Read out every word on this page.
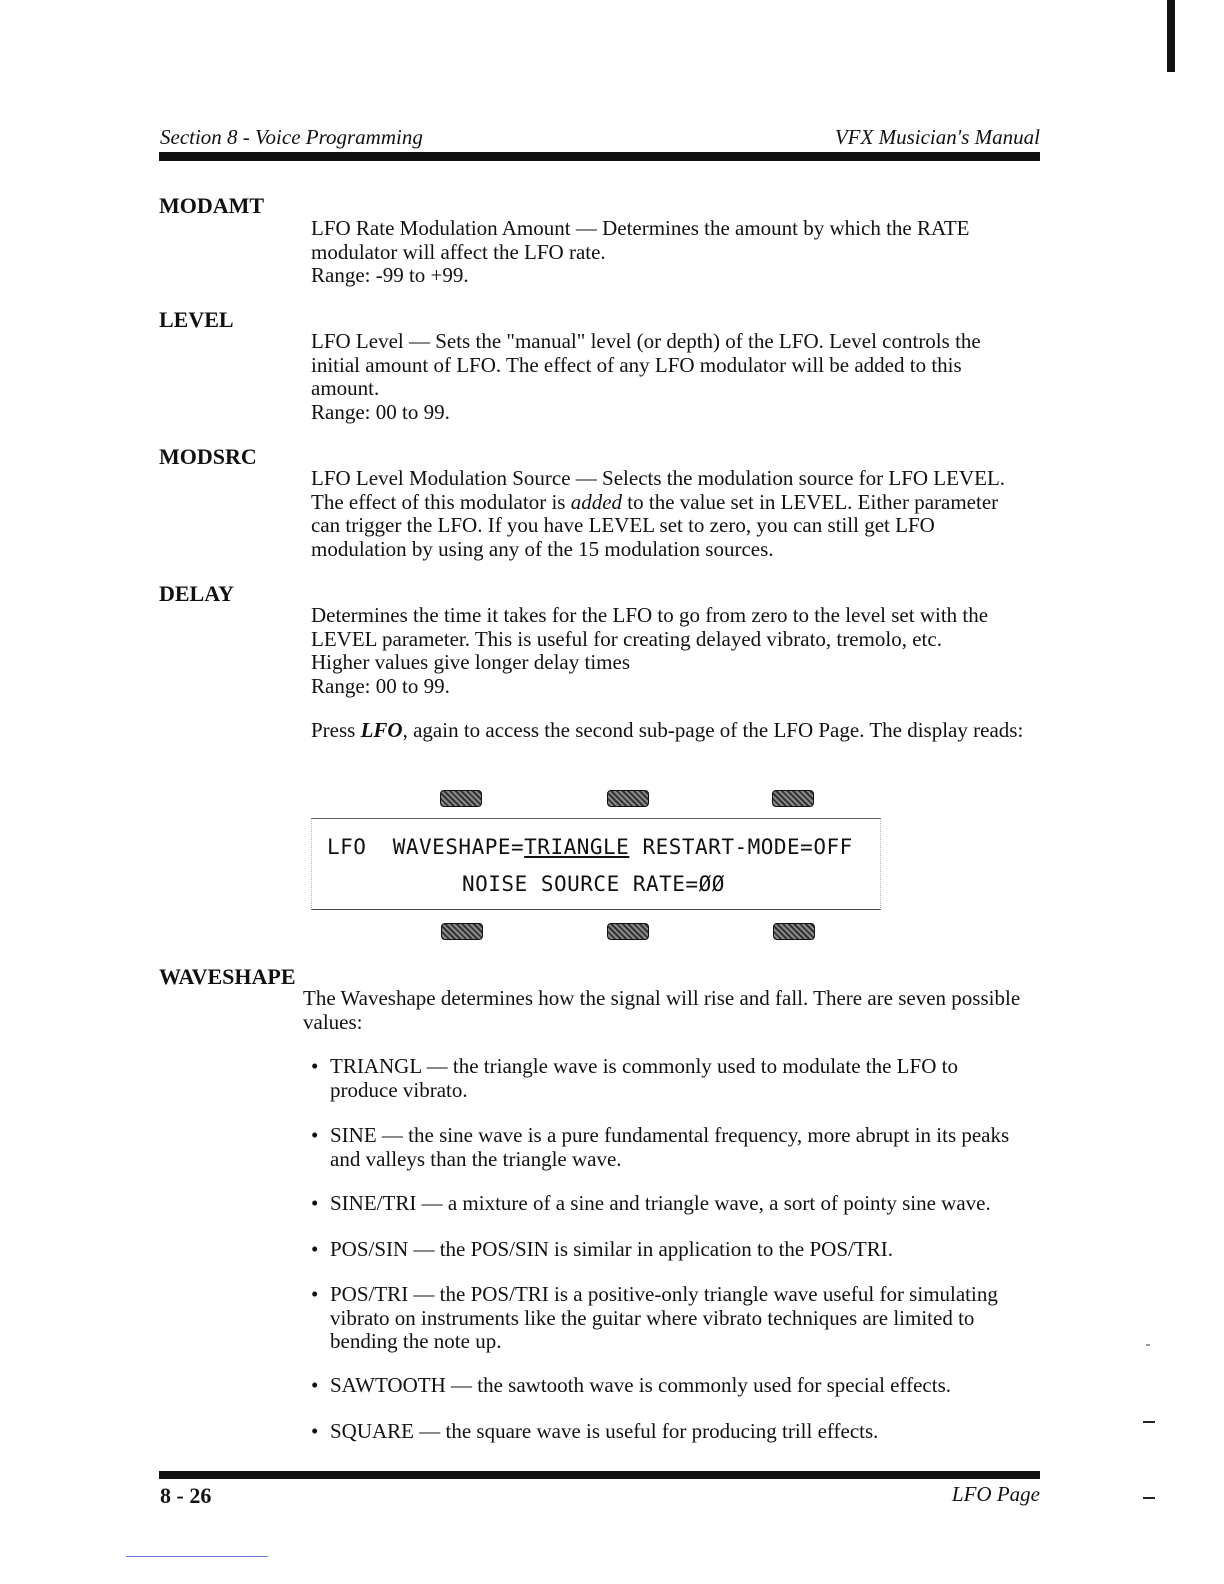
Section 8 - Voice Programming	VFX Musician's Manual
MODAMT

LFO Rate Modulation Amount — Determines the amount by which the RATE modulator will affect the LFO rate.

Range: -99 to +99.

LEVEL

LFO Level — Sets the "manual" level (or depth) of the LFO. Level controls the initial amount of LFO. The effect of any LFO modulator will be added to this amount.

Range: 00 to 99.

MODSRC

LFO Level Modulation Source — Selects the modulation source for LFO LEVEL.

The effect of this modulator is added to the value set in LEVEL. Either parameter can trigger the LFO. If you have LEVEL set to zero, you can still get LFO modulation by using any of the 15 modulation sources.

DELAY

Determines the time it takes for the LFO to go from zero to the level set with the LEVEL parameter. This is useful for creating delayed vibrato, tremolo, etc.

Higher values give longer delay times

Range: 00 to 99.

Press LFO, again to access the second sub-page of the LFO Page. The display reads:

LFO  WAVESHAPE=TRIANGLE RESTART-MODE=OFF
NOISE SOURCE RATE=ØØ
WAVESHAPE
The Waveshape determines how the signal will rise and fall. There are seven possible values:
• TRIANGL — the triangle wave is commonly used to modulate the LFO to produce vibrato.
• SINE — the sine wave is a pure fundamental frequency, more abrupt in its peaks and valleys than the triangle wave.
• SINE/TRI — a mixture of a sine and triangle wave, a sort of pointy sine wave.
• POS/SIN — the POS/SIN is similar in application to the POS/TRI.
• POS/TRI — the POS/TRI is a positive-only triangle wave useful for simulating vibrato on instruments like the guitar where vibrato techniques are limited to bending the note up.
• SAWTOOTH — the sawtooth wave is commonly used for special effects.
• SQUARE — the square wave is useful for producing trill effects.
8 - 26	LFO Page
